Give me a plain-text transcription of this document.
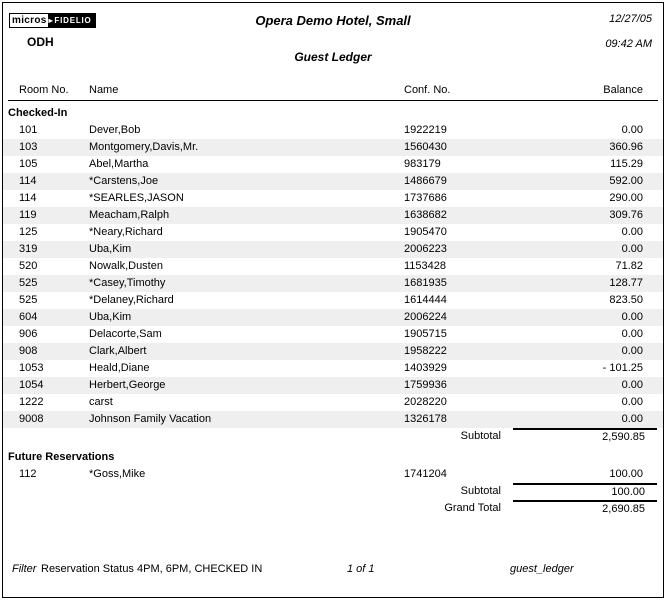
micros ▸ FIDELIO
ODH
Opera Demo Hotel, Small	12/27/05
09:42 AM
Guest Ledger
Room No.	Name	Conf. No.	Balance
Checked-In
101	Dever,Bob	1922219	0.00
103	Montgomery,Davis,Mr.	1560430	360.96
105	Abel,Martha	983179	115.29
114	*Carstens,Joe	1486679	592.00
114	*SEARLES,JASON	1737686	290.00
119	Meacham,Ralph	1638682	309.76
125	*Neary,Richard	1905470	0.00
319	Uba,Kim	2006223	0.00
520	Nowalk,Dusten	1153428	71.82
525	*Casey,Timothy	1681935	128.77
525	*Delaney,Richard	1614444	823.50
604	Uba,Kim	2006224	0.00
906	Delacorte,Sam	1905715	0.00
908	Clark,Albert	1958222	0.00
1053	Heald,Diane	1403929	- 101.25
1054	Herbert,George	1759936	0.00
1222	carst	2028220	0.00
9008	Johnson Family Vacation	1326178	0.00
Subtotal	2,590.85
Future Reservations
112	*Goss,Mike	1741204	100.00
Subtotal	100.00
Grand Total	2,690.85
Filter Reservation Status 4PM, 6PM, CHECKED IN	1 of 1	guest_ledger
